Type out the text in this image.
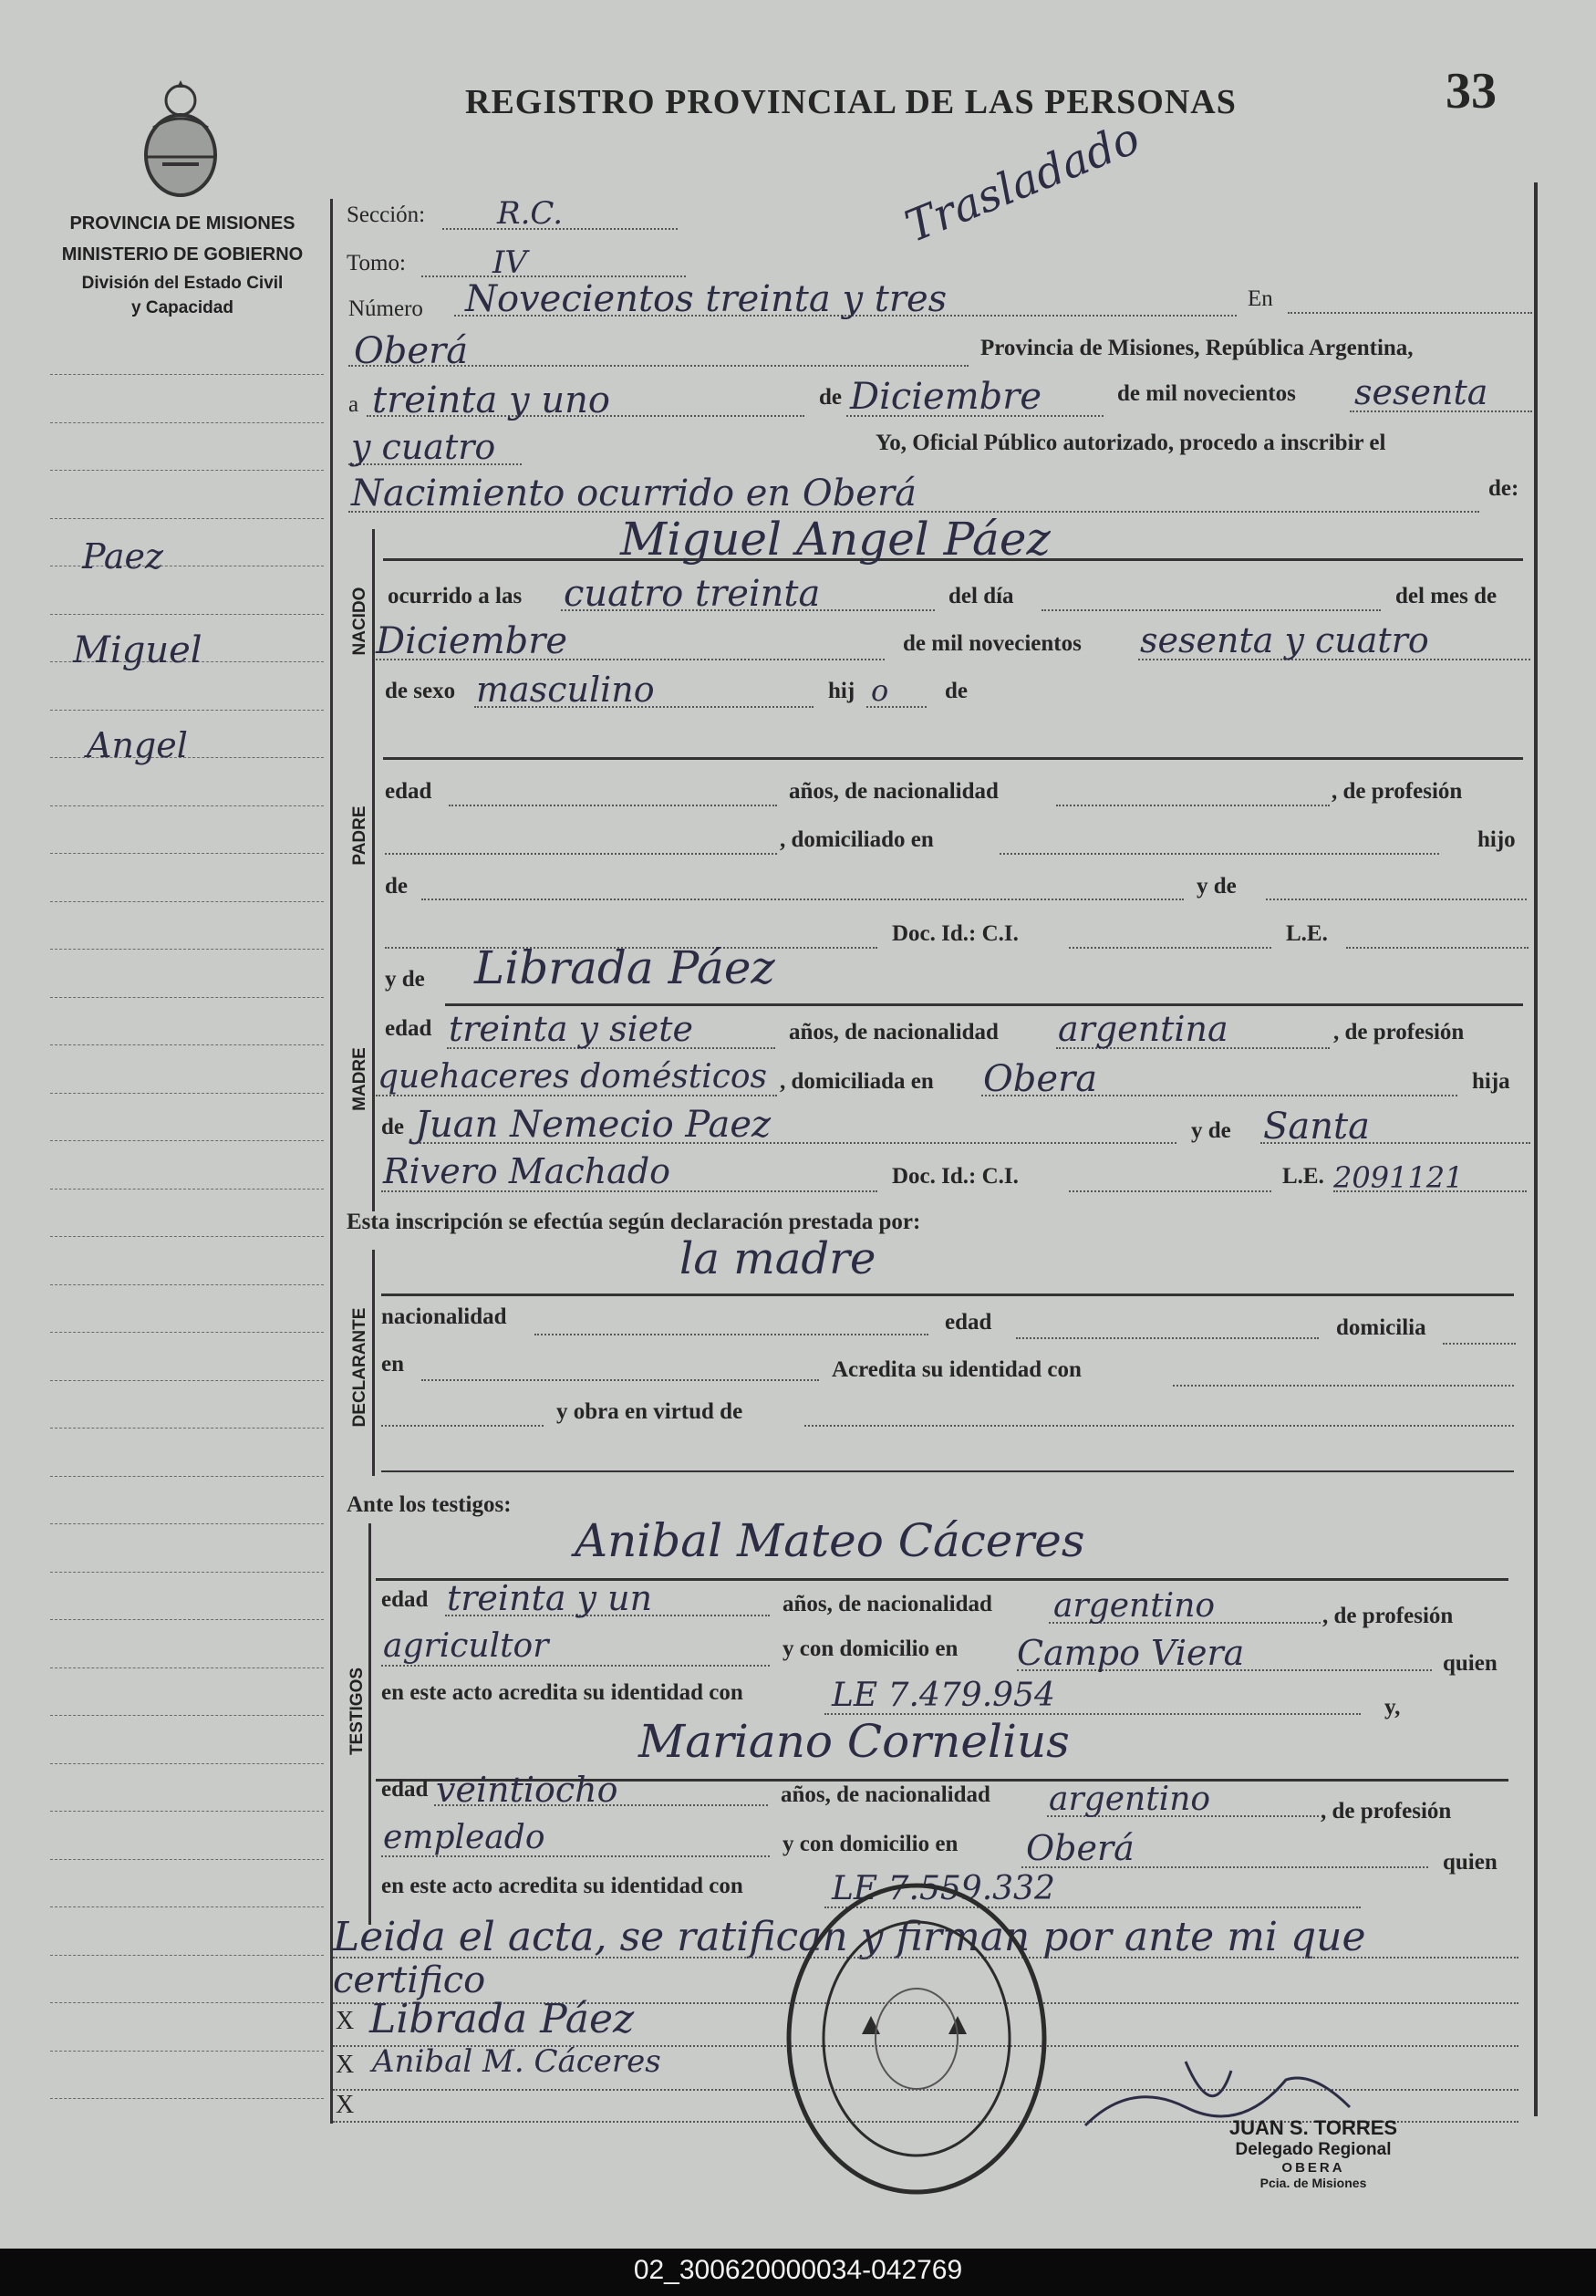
REGISTRO PROVINCIAL DE LAS PERSONAS	33
PROVINCIA DE MISIONES
MINISTERIO DE GOBIERNO
División del Estado Civil
y Capacidad
Paez
Miguel
Angel
Sección: R.C.
Tomo:	IV
Número Novecientos treinta y tres	En
Oberá	Provincia de Misiones, República Argentina,
a treinta y uno	de Diciembre	de mil novecientos sesenta
y cuatro	Yo, Oficial Público autorizado, procedo a inscribir el
Nacimiento ocurrido en Oberá	de:
NACIDO
Miguel Angel Páez
ocurrido a las cuatro treinta	del día	del mes de
Diciembre	de mil novecientos sesenta y cuatro
de sexo masculino	hij o de
PADRE
edad	años, de nacionalidad	, de profesión
, domiciliado en	hijo
de	y de
Doc. Id.: C.I.	L.E.
MADRE
y de Librada Páez
edad treinta y siete	años, de nacionalidad argentina	, de profesión
quehaceres domésticos , domiciliada en Obera	hija
de Juan Nemecio Paez	y de Santa
Rivero Machado	Doc. Id.: C.I.	L.E. 2091121
Esta inscripción se efectúa según declaración prestada por:
DECLARANTE
la madre
nacionalidad	edad	domicilia
en	Acredita su identidad con
y obra en virtud de
Ante los testigos:
TESTIGOS
Anibal Mateo Cáceres
edad treinta y un	años, de nacionalidad argentino	, de profesión
agricultor	y con domicilio en Campo Viera	quien
en este acto acredita su identidad con	LE 7.479.954	y,
Mariano Cornelius
edad veintiocho	años, de nacionalidad argentino	, de profesión
empleado	y con domicilio en Oberá	quien
en este acto acredita su identidad con	LE 7.559.332
Leida el acta, se ratifican y firman por ante mi que
certifico
X Librada Páez
X Anibal M. Cáceres
X
Trasladado
JUAN S. TORRES
Delegado Regional
OBERA
Pcia. de Misiones
02_300620000034-042769
